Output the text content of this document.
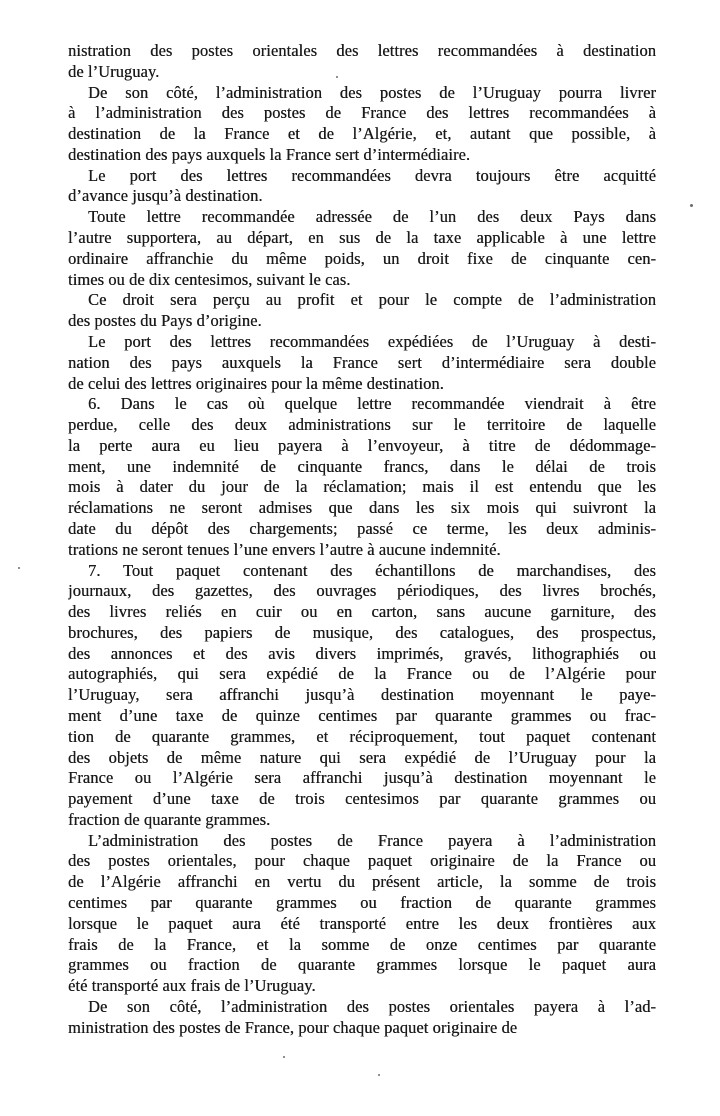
nistration des postes orientales des lettres recommandées à destination
de l’Uruguay.
De son côté, l’administration des postes de l’Uruguay pourra livrer
à l’administration des postes de France des lettres recommandées à
destination de la France et de l’Algérie, et, autant que possible, à
destination des pays auxquels la France sert d’intermédiaire.
Le port des lettres recommandées devra toujours être acquitté
d’avance jusqu’à destination.
Toute lettre recommandée adressée de l’un des deux Pays dans
l’autre supportera, au départ, en sus de la taxe applicable à une lettre
ordinaire affranchie du même poids, un droit fixe de cinquante cen-
times ou de dix centesimos, suivant le cas.
Ce droit sera perçu au profit et pour le compte de l’administration
des postes du Pays d’origine.
Le port des lettres recommandées expédiées de l’Uruguay à desti-
nation des pays auxquels la France sert d’intermédiaire sera double
de celui des lettres originaires pour la même destination.
6. Dans le cas où quelque lettre recommandée viendrait à être
perdue, celle des deux administrations sur le territoire de laquelle
la perte aura eu lieu payera à l’envoyeur, à titre de dédommage-
ment, une indemnité de cinquante francs, dans le délai de trois
mois à dater du jour de la réclamation; mais il est entendu que les
réclamations ne seront admises que dans les six mois qui suivront la
date du dépôt des chargements; passé ce terme, les deux adminis-
trations ne seront tenues l’une envers l’autre à aucune indemnité.
7. Tout paquet contenant des échantillons de marchandises, des
journaux, des gazettes, des ouvrages périodiques, des livres brochés,
des livres reliés en cuir ou en carton, sans aucune garniture, des
brochures, des papiers de musique, des catalogues, des prospectus,
des annonces et des avis divers imprimés, gravés, lithographiés ou
autographiés, qui sera expédié de la France ou de l’Algérie pour
l’Uruguay, sera affranchi jusqu’à destination moyennant le paye-
ment d’une taxe de quinze centimes par quarante grammes ou frac-
tion de quarante grammes, et réciproquement, tout paquet contenant
des objets de même nature qui sera expédié de l’Uruguay pour la
France ou l’Algérie sera affranchi jusqu’à destination moyennant le
payement d’une taxe de trois centesimos par quarante grammes ou
fraction de quarante grammes.
L’administration des postes de France payera à l’administration
des postes orientales, pour chaque paquet originaire de la France ou
de l’Algérie affranchi en vertu du présent article, la somme de trois
centimes par quarante grammes ou fraction de quarante grammes
lorsque le paquet aura été transporté entre les deux frontières aux
frais de la France, et la somme de onze centimes par quarante
grammes ou fraction de quarante grammes lorsque le paquet aura
été transporté aux frais de l’Uruguay.
De son côté, l’administration des postes orientales payera à l’ad-
ministration des postes de France, pour chaque paquet originaire de
